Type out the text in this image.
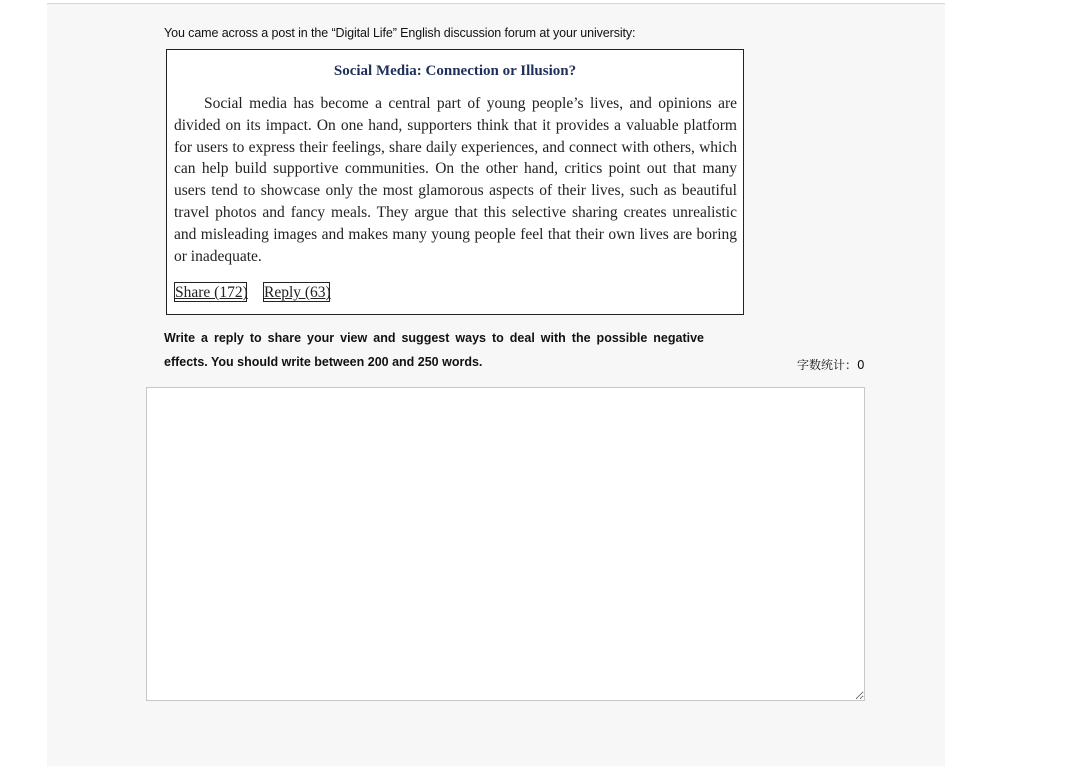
You came across a post in the “Digital Life” English discussion forum at your university:
Social Media: Connection or Illusion?

Social media has become a central part of young people’s lives, and opinions are divided on its impact. On one hand, supporters think that it provides a valuable platform for users to express their feelings, share daily experiences, and connect with others, which can help build supportive communities. On the other hand, critics point out that many users tend to showcase only the most glamorous aspects of their lives, such as beautiful travel photos and fancy meals. They argue that this selective sharing creates unrealistic and misleading images and makes many young people feel that their own lives are boring or inadequate.

Share (172) Reply (63)

Write a reply to share your view and suggest ways to deal with the possible negative effects. You should write between 200 and 250 words.	字数统计：0
